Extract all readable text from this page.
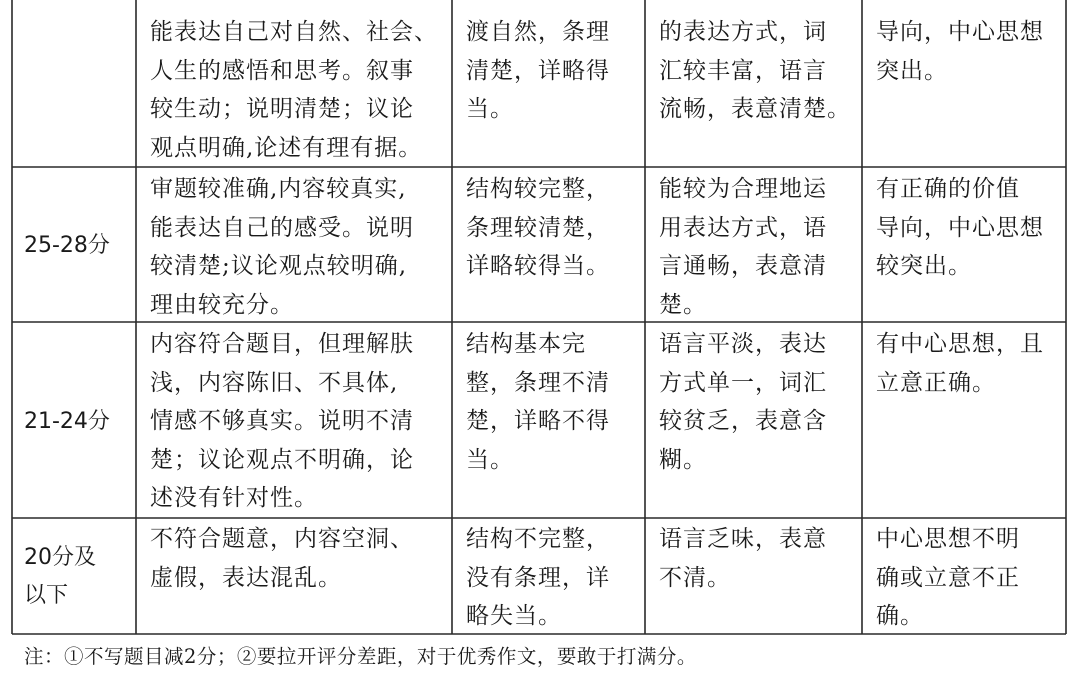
能表达自己对自然、社会、
人生的感悟和思考。叙事
较生动；说明清楚；议论
观点明确,论述有理有据。
渡自然，条理
清楚，详略得
当。
的表达方式，词
汇较丰富，语言
流畅，表意清楚。
导向，中心思想
突出。
25-28分
审题较准确,内容较真实,
能表达自己的感受。说明
较清楚;议论观点较明确,
理由较充分。
结构较完整，
条理较清楚，
详略较得当。
能较为合理地运
用表达方式，语
言通畅，表意清
楚。
有正确的价值
导向，中心思想
较突出。
21-24分
内容符合题目，但理解肤
浅，内容陈旧、不具体,
情感不够真实。说明不清
楚；议论观点不明确，论
述没有针对性。
结构基本完
整，条理不清
楚，详略不得
当。
语言平淡，表达
方式单一，词汇
较贫乏，表意含
糊。
有中心思想，且
立意正确。
20分及
以下
不符合题意，内容空洞、
虚假，表达混乱。
结构不完整，
没有条理，详
略失当。
语言乏味，表意
不清。
中心思想不明
确或立意不正
确。
注：①不写题目减2分；②要拉开评分差距，对于优秀作文，要敢于打满分。
